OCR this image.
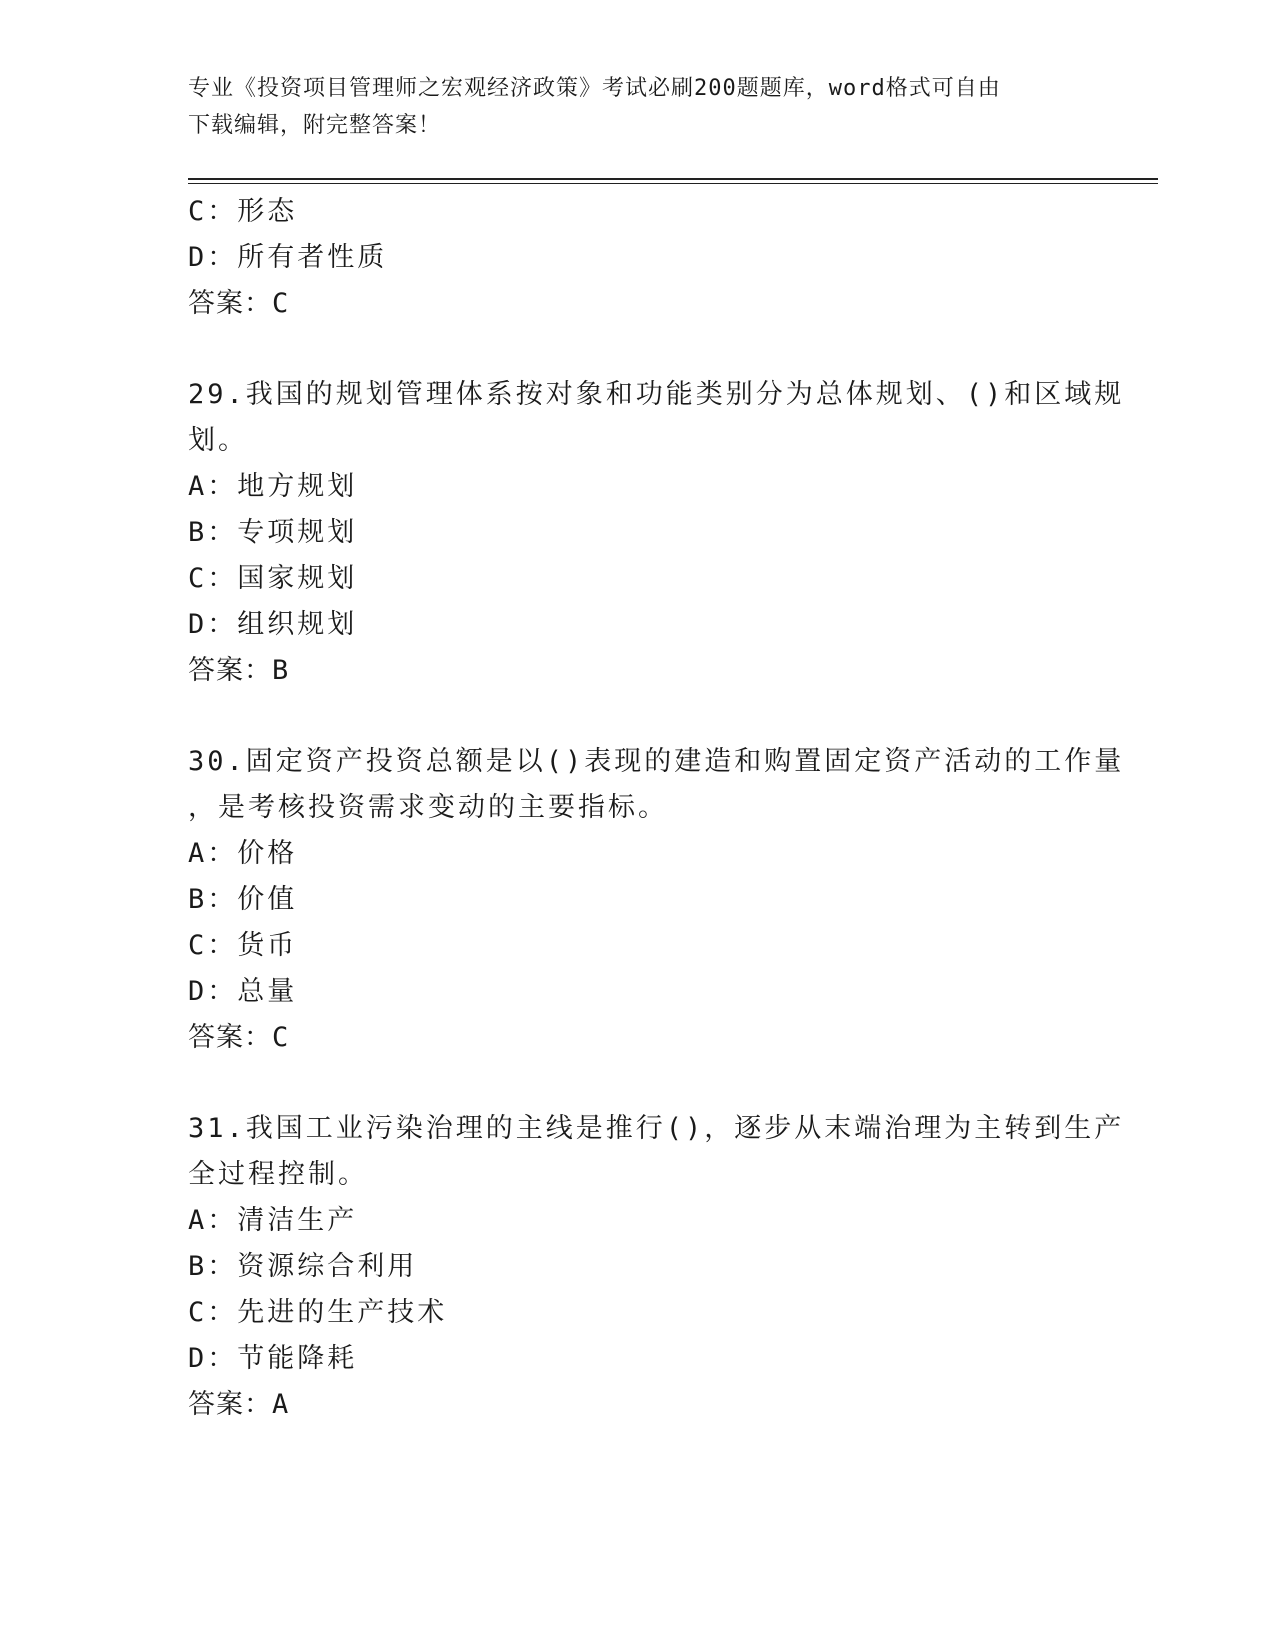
专业《投资项目管理师之宏观经济政策》考试必刷200题题库，word格式可自由
下载编辑，附完整答案！
C：形态
D：所有者性质
答案：C
29.我国的规划管理体系按对象和功能类别分为总体规划、()和区域规
划。
A：地方规划
B：专项规划
C：国家规划
D：组织规划
答案：B
30.固定资产投资总额是以()表现的建造和购置固定资产活动的工作量
，是考核投资需求变动的主要指标。
A：价格
B：价值
C：货币
D：总量
答案：C
31.我国工业污染治理的主线是推行()，逐步从末端治理为主转到生产
全过程控制。
A：清洁生产
B：资源综合利用
C：先进的生产技术
D：节能降耗
答案：A
